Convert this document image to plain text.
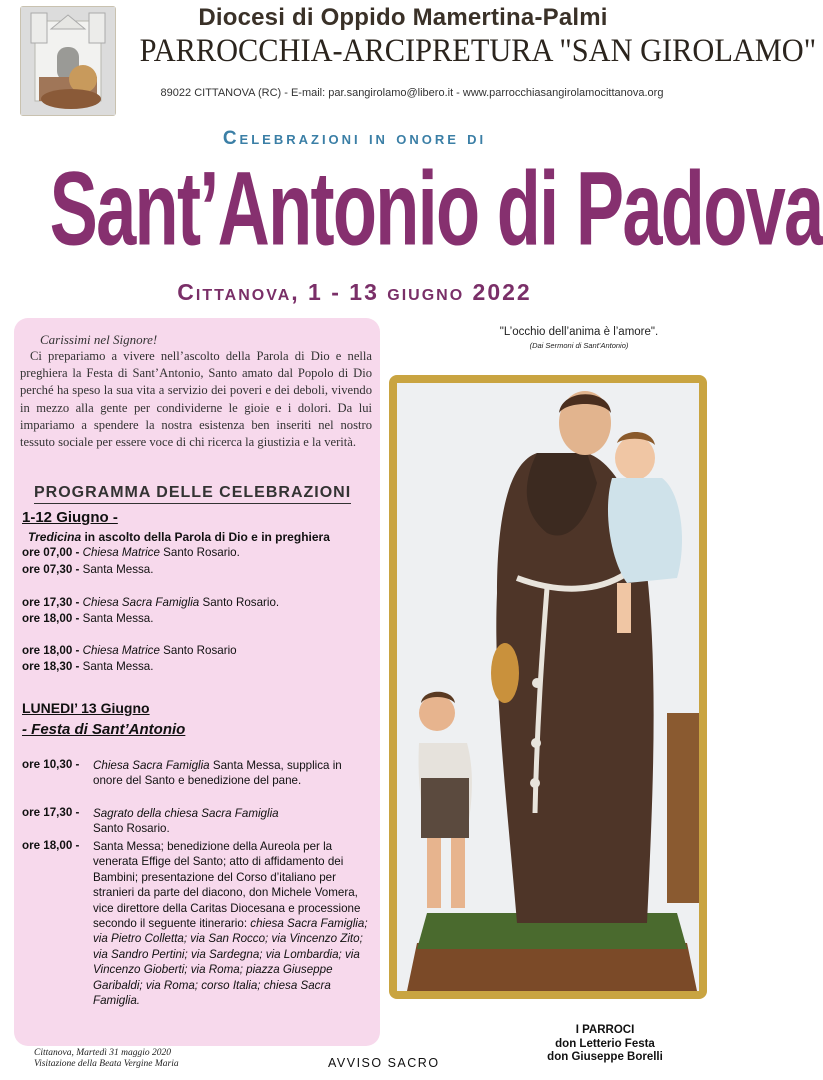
Diocesi di Oppido Mamertina-Palmi
PARROCCHIA-ARCIPRETURA "SAN GIROLAMO"
89022 CITTANOVA (RC) - E-mail: par.sangirolamo@libero.it - www.parrocchiasangirolamocittanova.org
Celebrazioni in onore di
Sant’Antonio di Padova
Cittanova, 1 - 13 giugno 2022
Carissimi nel Signore!
Ci prepariamo a vivere nell’ascolto della Parola di Dio e nella preghiera la Festa di Sant’Antonio, Santo amato dal Popolo di Dio perché ha speso la sua vita a servizio dei poveri e dei deboli, vivendo in mezzo alla gente per condividerne le gioie e i dolori. Da lui impariamo a spendere la nostra esistenza ben inseriti nel nostro tessuto sociale per essere voce di chi ricerca la giustizia e la verità.
PROGRAMMA DELLE CELEBRAZIONI
1-12 Giugno -
Tredicina in ascolto della Parola di Dio e in preghiera
ore 07,00 - Chiesa Matrice Santo Rosario.
ore 07,30 - Santa Messa.
ore 17,30 - Chiesa Sacra Famiglia Santo Rosario.
ore 18,00 - Santa Messa.
ore 18,00 - Chiesa Matrice Santo Rosario
ore 18,30 - Santa Messa.
LUNEDI’ 13 Giugno
- Festa di Sant’Antonio
ore 10,30 - Chiesa Sacra Famiglia Santa Messa, supplica in onore del Santo e benedizione del pane.
ore 17,30 - Sagrato della chiesa Sacra Famiglia Santo Rosario.
ore 18,00 -Santa Messa; benedizione della Aureola per la venerata Effige del Santo; atto di affidamento dei Bambini; presentazione del Corso d’italiano per stranieri da parte del diacono, don Michele Vomera, vice direttore della Caritas Diocesana e processione secondo il seguente itinerario: chiesa Sacra Famiglia; via Pietro Colletta; via San Rocco; via Vincenzo Zito; via Sandro Pertini; via Sardegna; via Lombardia; via Vincenzo Gioberti; via Roma; piazza Giuseppe Garibaldi; via Roma; corso Italia; chiesa Sacra Famiglia.
Cittanova, Martedì 31 maggio 2020
Visitazione della Beata Vergine Maria	AVVISO SACRO
"L’occhio dell’anima è l’amore".
(Dai Sermoni di Sant’Antonio)
I PARROCI
don Letterio Festa
don Giuseppe Borelli
